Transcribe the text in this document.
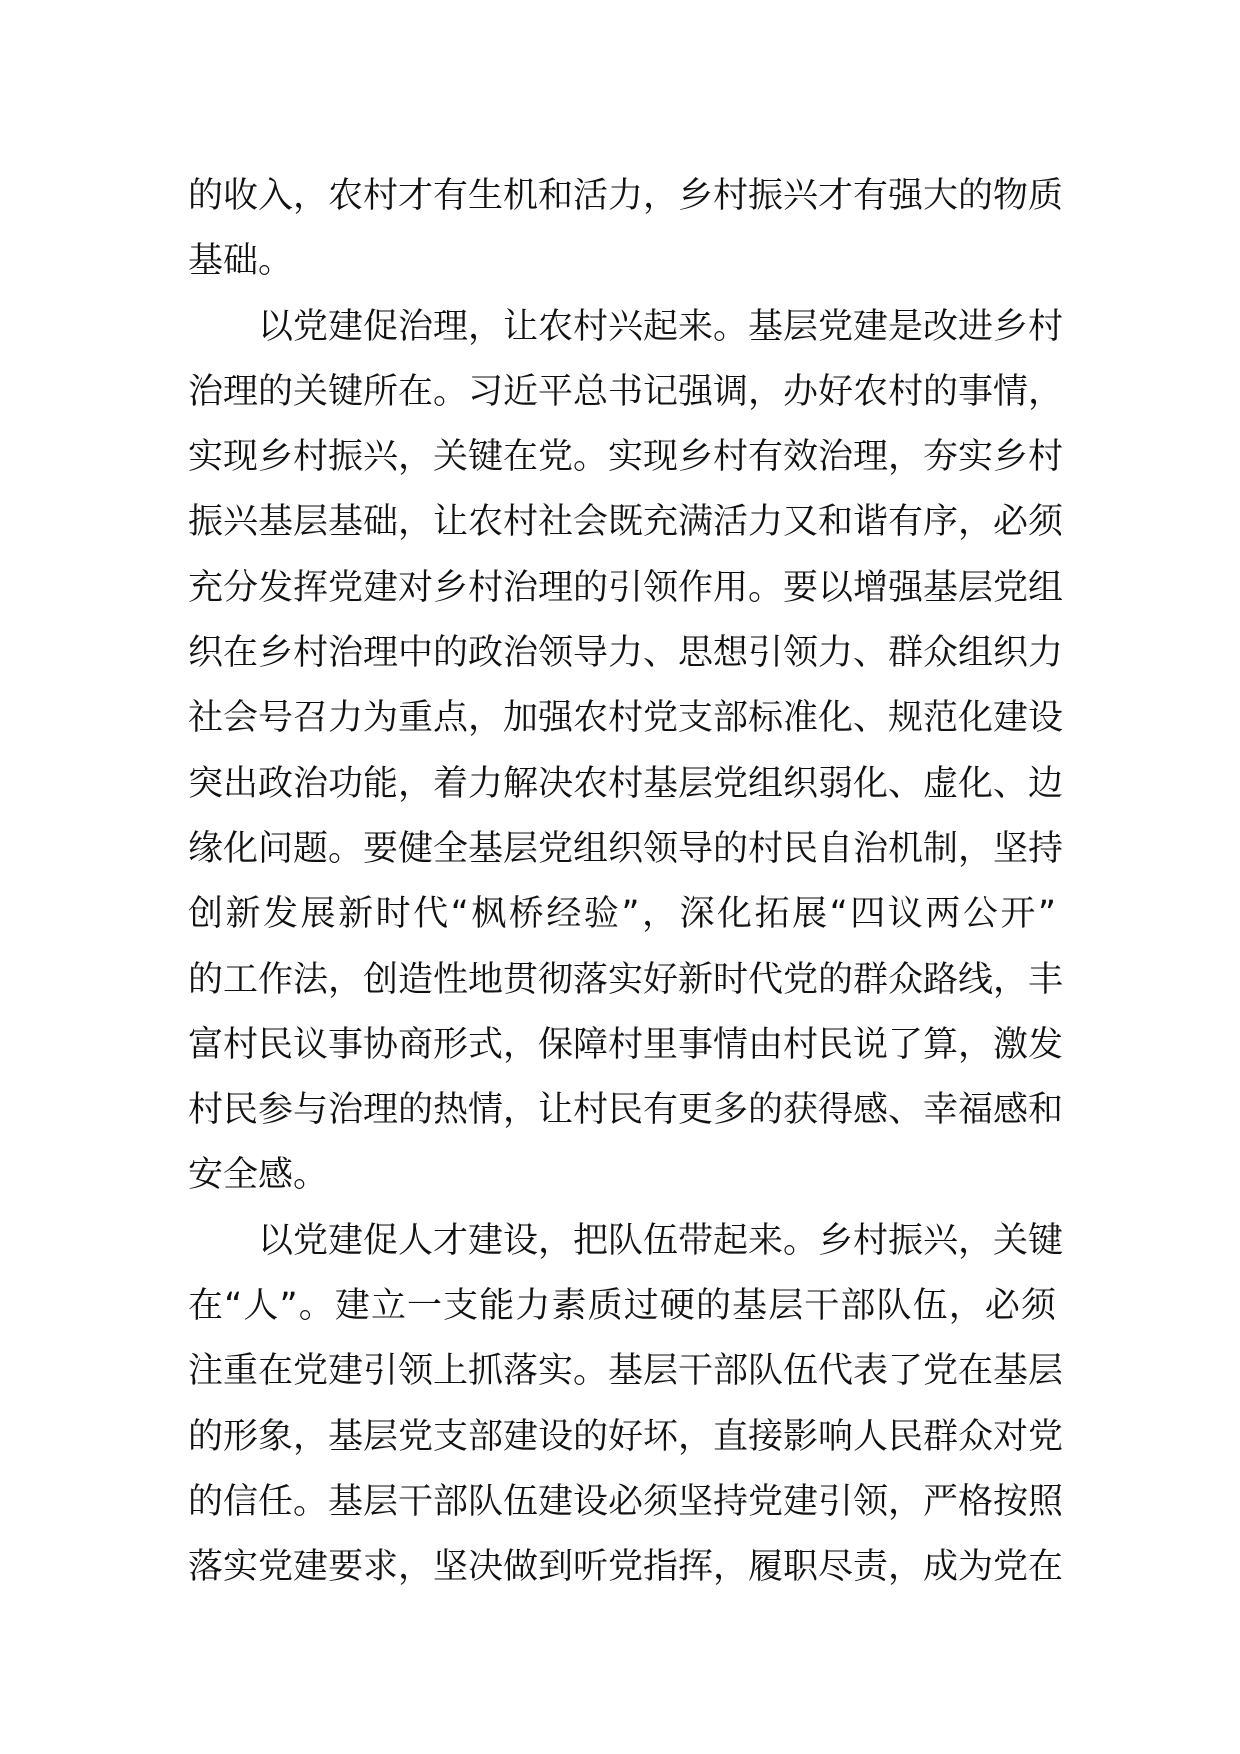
的收入，农村才有生机和活力，乡村振兴才有强大的物质
基础。
以党建促治理，让农村兴起来。基层党建是改进乡村
治理的关键所在。习近平总书记强调，办好农村的事情，
实现乡村振兴，关键在党。实现乡村有效治理，夯实乡村
振兴基层基础，让农村社会既充满活力又和谐有序，必须
充分发挥党建对乡村治理的引领作用。要以增强基层党组
织在乡村治理中的政治领导力、思想引领力、群众组织力
社会号召力为重点，加强农村党支部标准化、规范化建设
突出政治功能，着力解决农村基层党组织弱化、虚化、边
缘化问题。要健全基层党组织领导的村民自治机制，坚持
创新发展新时代“枫桥经验”，深化拓展“四议两公开”
的工作法，创造性地贯彻落实好新时代党的群众路线，丰
富村民议事协商形式，保障村里事情由村民说了算，激发
村民参与治理的热情，让村民有更多的获得感、幸福感和
安全感。
以党建促人才建设，把队伍带起来。乡村振兴，关键
在“人”。建立一支能力素质过硬的基层干部队伍，必须
注重在党建引领上抓落实。基层干部队伍代表了党在基层
的形象，基层党支部建设的好坏，直接影响人民群众对党
的信任。基层干部队伍建设必须坚持党建引领，严格按照
落实党建要求，坚决做到听党指挥，履职尽责，成为党在
